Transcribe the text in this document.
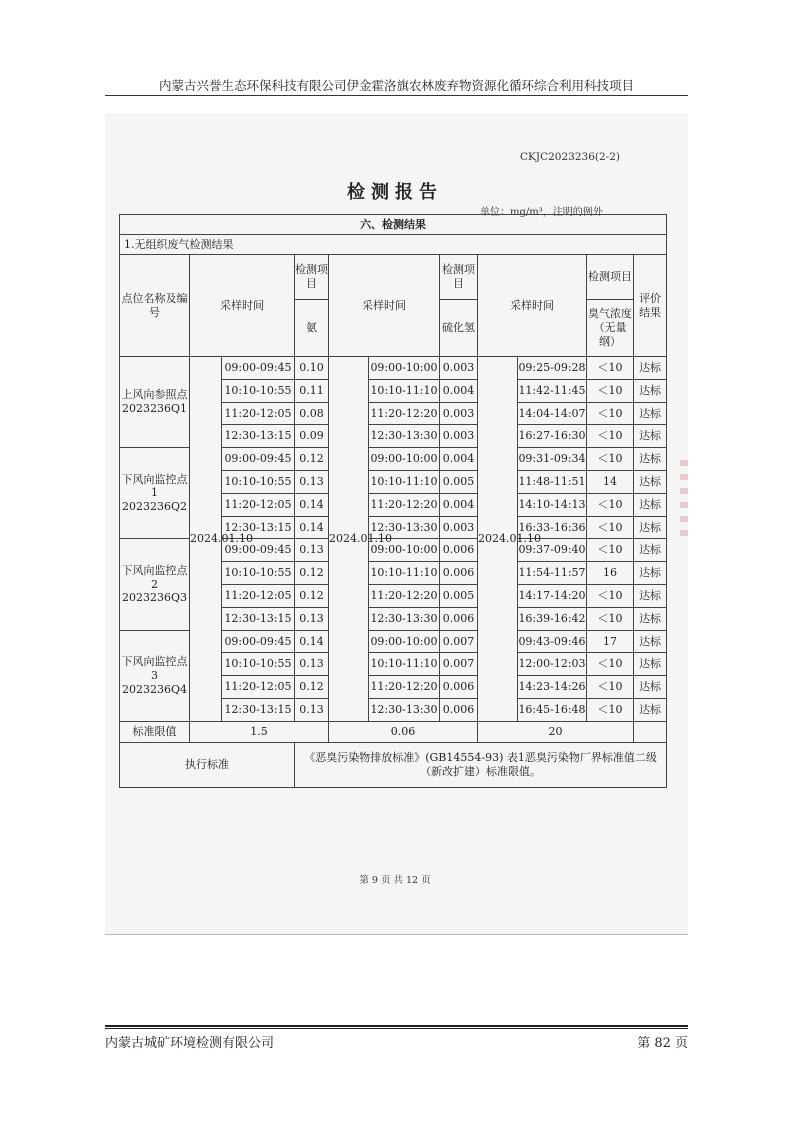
内蒙古兴誉生态环保科技有限公司伊金霍洛旗农林废弃物资源化循环综合利用科技项目
CKJC2023236(2-2)
检测报告
单位：mg/m³，注明的例外
六、检测结果										
1.无组织废气检测结果										
点位名称及编号	采样时间		检测项目	采样时间		检测项目	采样时间		检测项目	评价结果
			氨			硫化氢			臭气浓度（无量纲）	
上风向参照点2023236Q1	2024.01.10	09:00-09:45	0.10	2024.01.10	09:00-10:00	0.003	2024.01.10	09:25-09:28	＜10	达标
		10:10-10:55	0.11		10:10-11:10	0.004		11:42-11:45	＜10	达标
		11:20-12:05	0.08		11:20-12:20	0.003		14:04-14:07	＜10	达标
		12:30-13:15	0.09		12:30-13:30	0.003		16:27-16:30	＜10	达标
下风向监控点1 2023236Q2		09:00-09:45	0.12		09:00-10:00	0.004		09:31-09:34	＜10	达标
		10:10-10:55	0.13		10:10-11:10	0.005		11:48-11:51	14	达标
		11:20-12:05	0.14		11:20-12:20	0.004		14:10-14:13	＜10	达标
		12:30-13:15	0.14		12:30-13:30	0.003		16:33-16:36	＜10	达标
下风向监控点2 2023236Q3		09:00-09:45	0.13		09:00-10:00	0.006		09:37-09:40	＜10	达标
		10:10-10:55	0.12		10:10-11:10	0.006		11:54-11:57	16	达标
		11:20-12:05	0.12		11:20-12:20	0.005		14:17-14:20	＜10	达标
		12:30-13:15	0.13		12:30-13:30	0.006		16:39-16:42	＜10	达标
下风向监控点3 2023236Q4		09:00-09:45	0.14		09:00-10:00	0.007		09:43-09:46	17	达标
		10:10-10:55	0.13		10:10-11:10	0.007		12:00-12:03	＜10	达标
		11:20-12:05	0.12		11:20-12:20	0.006		14:23-14:26	＜10	达标
		12:30-13:15	0.13		12:30-13:30	0.006		16:45-16:48	＜10	达标
标准限值	1.5			0.06			20			
执行标准			《恶臭污染物排放标准》(GB14554-93) 表1恶臭污染物厂界标准值二级（新改扩建）标准限值。							
第 9 页 共 12 页
内蒙古城矿环境检测有限公司	第 82 页
